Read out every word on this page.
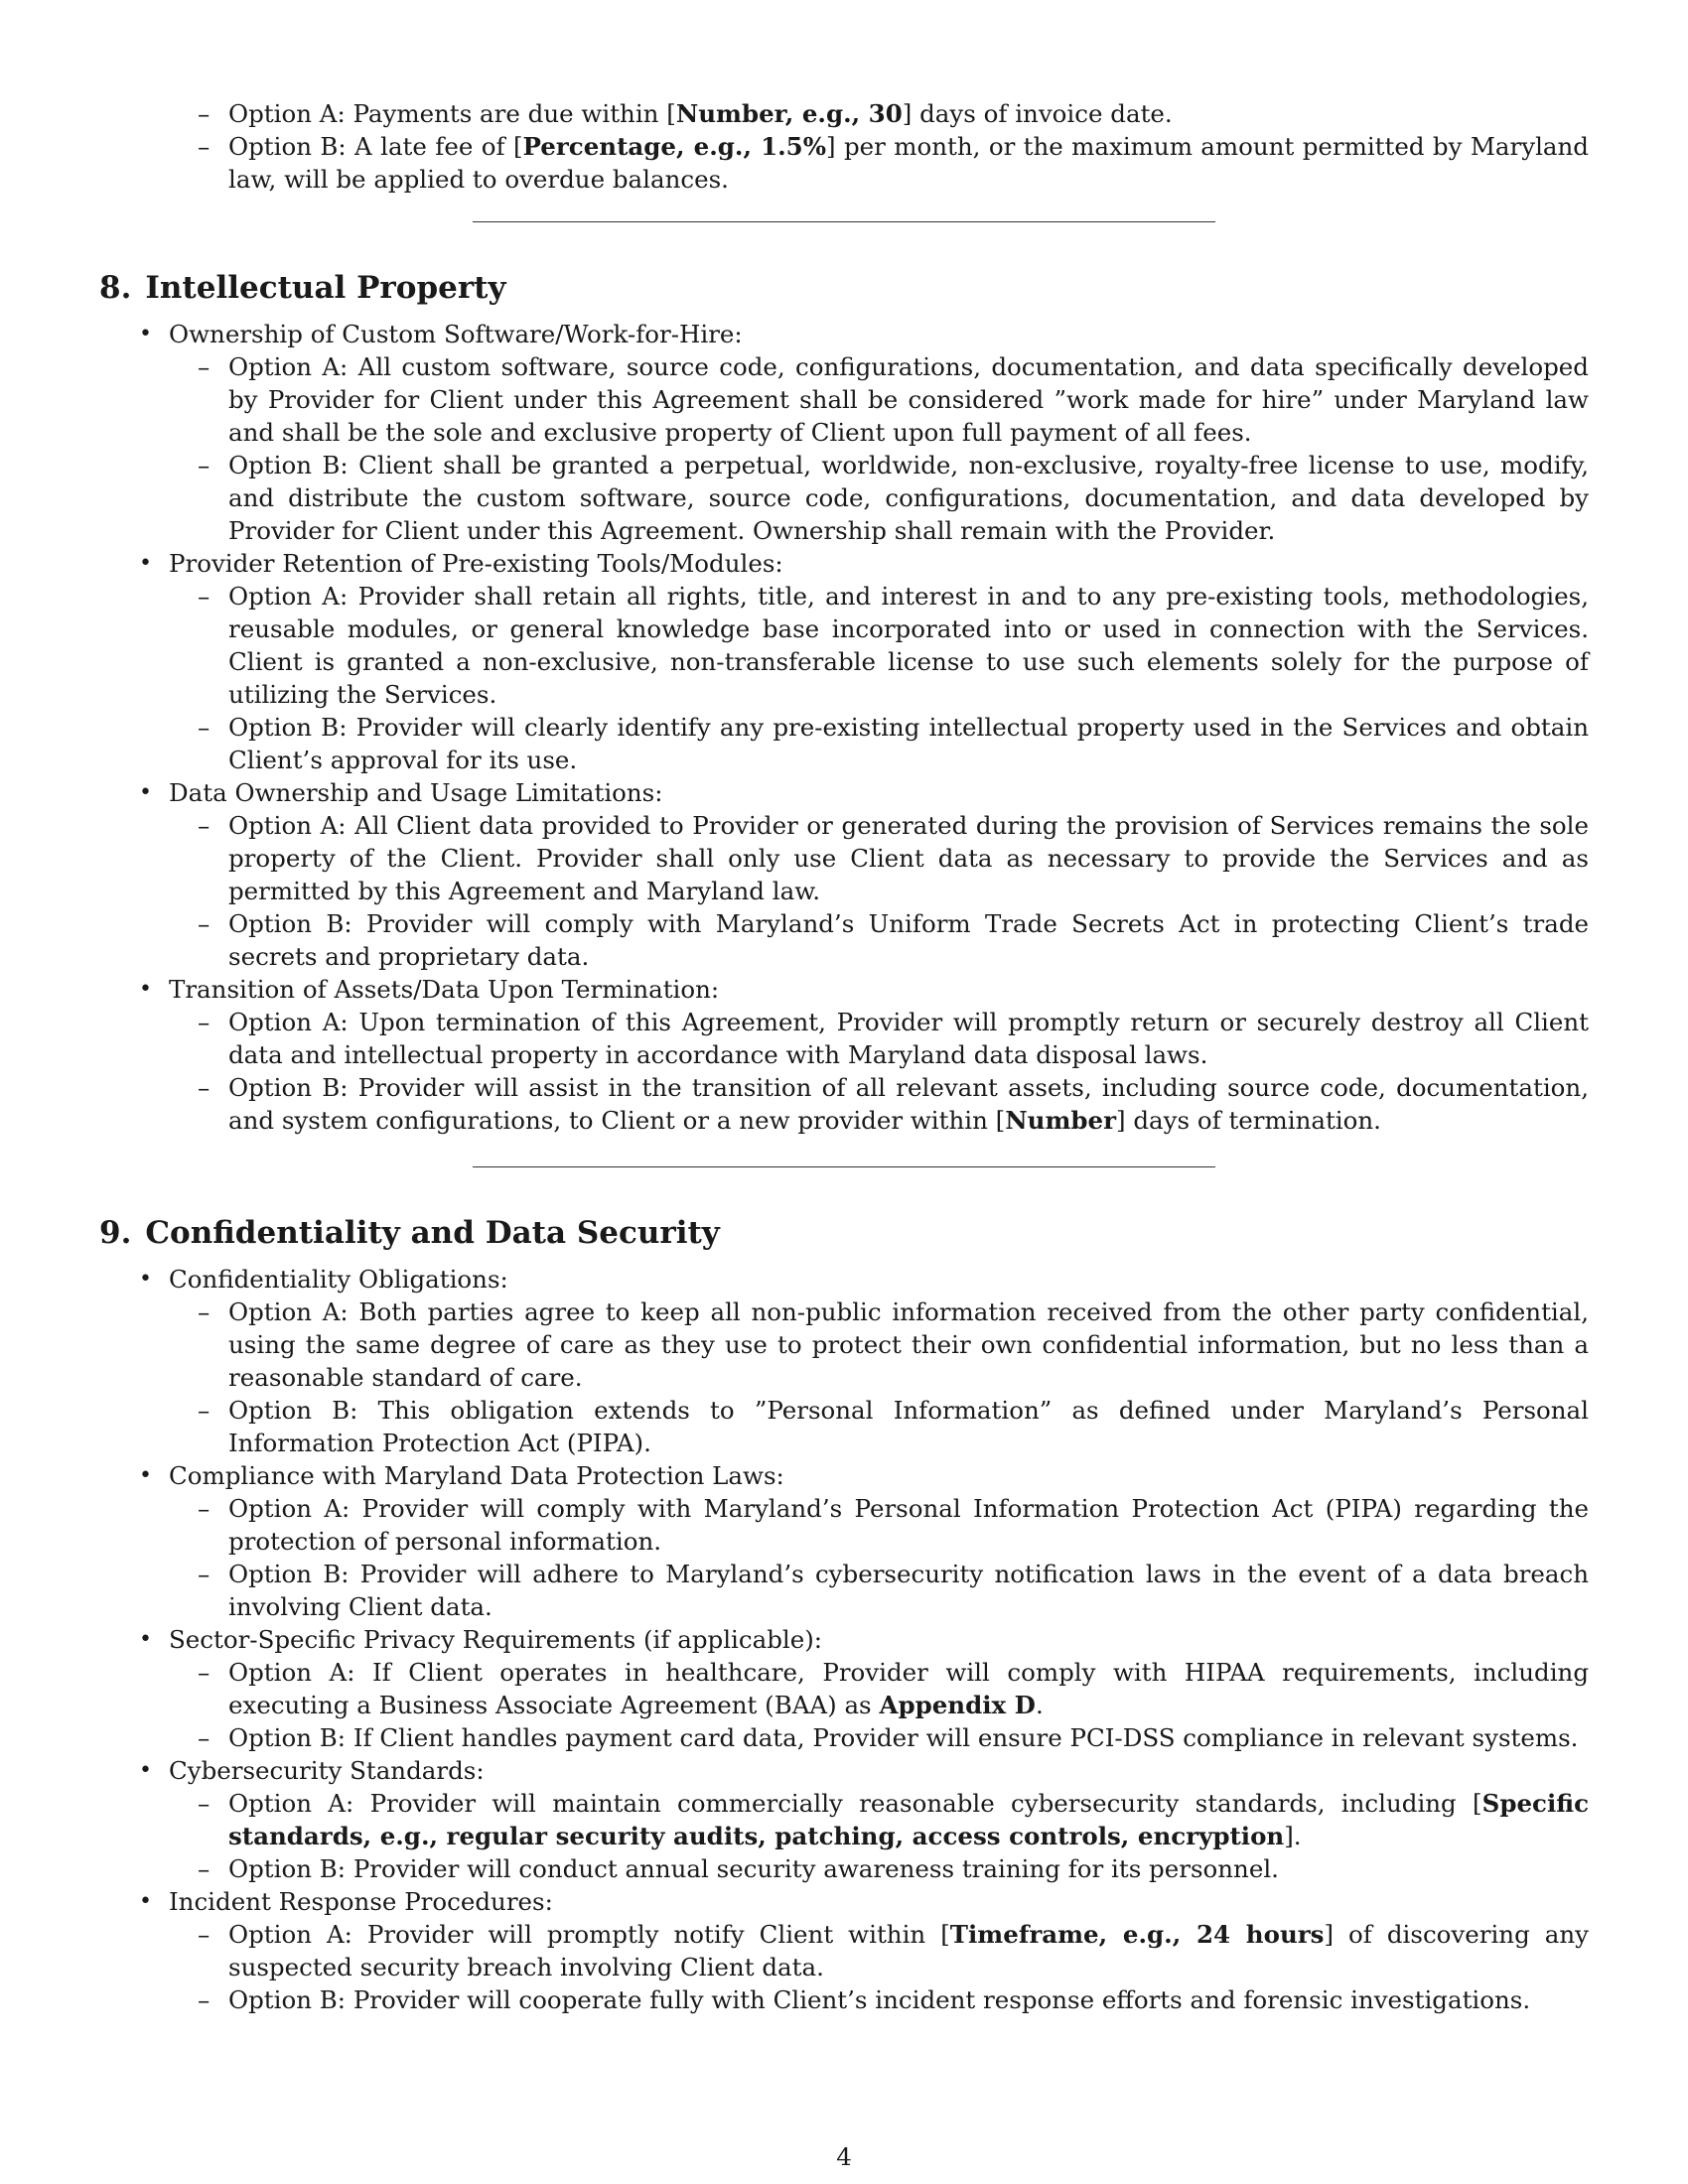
– Option A: Payments are due within [Number, e.g., 30] days of invoice date.
– Option B: A late fee of [Percentage, e.g., 1.5%] per month, or the maximum amount permitted by Maryland law, will be applied to overdue balances.
8. Intellectual Property
• Ownership of Custom Software/Work-for-Hire:
– Option A: All custom software, source code, configurations, documentation, and data specifically developed by Provider for Client under this Agreement shall be considered ”work made for hire” under Maryland law and shall be the sole and exclusive property of Client upon full payment of all fees.
– Option B: Client shall be granted a perpetual, worldwide, non-exclusive, royalty-free license to use, modify, and distribute the custom software, source code, configurations, documentation, and data developed by Provider for Client under this Agreement. Ownership shall remain with the Provider.
• Provider Retention of Pre-existing Tools/Modules:
– Option A: Provider shall retain all rights, title, and interest in and to any pre-existing tools, methodologies, reusable modules, or general knowledge base incorporated into or used in connection with the Services. Client is granted a non-exclusive, non-transferable license to use such elements solely for the purpose of utilizing the Services.
– Option B: Provider will clearly identify any pre-existing intellectual property used in the Services and obtain Client’s approval for its use.
• Data Ownership and Usage Limitations:
– Option A: All Client data provided to Provider or generated during the provision of Services remains the sole property of the Client. Provider shall only use Client data as necessary to provide the Services and as permitted by this Agreement and Maryland law.
– Option B: Provider will comply with Maryland’s Uniform Trade Secrets Act in protecting Client’s trade secrets and proprietary data.
• Transition of Assets/Data Upon Termination:
– Option A: Upon termination of this Agreement, Provider will promptly return or securely destroy all Client data and intellectual property in accordance with Maryland data disposal laws.
– Option B: Provider will assist in the transition of all relevant assets, including source code, documentation, and system configurations, to Client or a new provider within [Number] days of termination.
9. Confidentiality and Data Security
• Confidentiality Obligations:
– Option A: Both parties agree to keep all non-public information received from the other party confidential, using the same degree of care as they use to protect their own confidential information, but no less than a reasonable standard of care.
– Option B: This obligation extends to ”Personal Information” as defined under Maryland’s Personal Information Protection Act (PIPA).
• Compliance with Maryland Data Protection Laws:
– Option A: Provider will comply with Maryland’s Personal Information Protection Act (PIPA) regarding the protection of personal information.
– Option B: Provider will adhere to Maryland’s cybersecurity notification laws in the event of a data breach involving Client data.
• Sector-Specific Privacy Requirements (if applicable):
– Option A: If Client operates in healthcare, Provider will comply with HIPAA requirements, including executing a Business Associate Agreement (BAA) as Appendix D.
– Option B: If Client handles payment card data, Provider will ensure PCI-DSS compliance in relevant systems.
• Cybersecurity Standards:
– Option A: Provider will maintain commercially reasonable cybersecurity standards, including [Specific standards, e.g., regular security audits, patching, access controls, encryption].
– Option B: Provider will conduct annual security awareness training for its personnel.
• Incident Response Procedures:
– Option A: Provider will promptly notify Client within [Timeframe, e.g., 24 hours] of discovering any suspected security breach involving Client data.
– Option B: Provider will cooperate fully with Client’s incident response efforts and forensic investigations.
4
